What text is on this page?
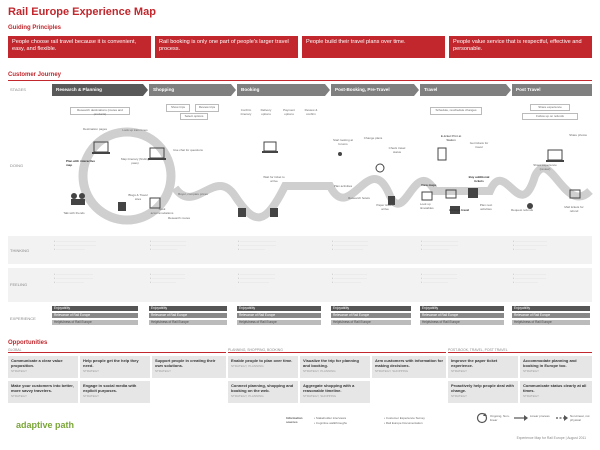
Rail Europe Experience Map
Guiding Principles
People choose rail travel because it is convenient, easy, and flexible.
Rail booking is only one part of people's larger travel process.
People build their travel plans over time.	People value service that is respectful, effective and personable.
Customer Journey
STAGES	Research & Planning	Shopping	Booking	Post-Booking, Pre-Travel	Travel	Post Travel
Research destinations (routes and products)
Show trips	Review trips
Select options
Schedule, reschedule changes
Share experience
Follow up on refunds
DOING
Destination pages
Plan with interactive map
Look up train times
Map itinerary (finding pass)
Use chat for questions
Talk with friends
Blogs & Travel sites
Book accommodations
Buyer, compare prices
Research routes
Confirm itinerary
Delivery options
Payment options
Review & confirm
Wait for ticket to arrive
Start looking at forums
Change plans
Check travel status
Plan activities
Research hotels
Paper tickets arrive
E-ticket Print at Station
Get tickets for travel
View maps
Buy additional tickets
Arrange travel
Look up timetables
Plan next activities
Share photos
Share experience (review)
Request refunds
Mail tickets for refund
THINKING
• ········································
• ········································
• ·····························
• ··································
• ··································
• ·························
• ····································
• ····································
• ·························
• ··································
• ··································
• ·····························
• ···································
• ···································
• ··························
• ································
• ································
• ·····················
FEELING
• ·····································
• ·····································
• ····························
• ·································
• ·································
• ························
• ···································
• ···································
• ·····························
• ·································
• ·································
• ···························
• ··································
• ··································
• ·························
• ·······························
• ·······························
• ·······················
EXPERIENCE
Enjoyability
Relevance of Rail Europe
Helpfulness of Rail Europe
Enjoyability
Relevance of Rail Europe
Helpfulness of Rail Europe
Enjoyability
Relevance of Rail Europe
Helpfulness of Rail Europe
Enjoyability
Relevance of Rail Europe
Helpfulness of Rail Europe
Enjoyability
Relevance of Rail Europe
Helpfulness of Rail Europe
Enjoyability
Relevance of Rail Europe
Helpfulness of Rail Europe
Opportunities
GLOBAL	PLANNING, SHOPPING, BOOKING	POST-BOOK, TRAVEL, POST TRAVEL
Communicate a clear value proposition.
STRATEGY
Help people get the help they need.
STRATEGY
Support people in creating their own solutions.
STRATEGY
Enable people to plan over time.
STRATEGY, PLANNING
Visualize the trip for planning and booking.
STRATEGY, PLANNING
Arm customers with information for making decisions.
STRATEGY, SHOPPING
Improve the paper ticket experience.
STRATEGY
Accommodate planning and booking in Europe too.
STRATEGY
Make your customers into better, more savvy travelers.
STRATEGY
Engage in social media with explicit purposes.
STRATEGY
Connect planning, shopping and booking on the web.
STRATEGY, PLANNING
Aggregate shopping with a reasonable timeline.
STRATEGY, SHOPPING
Proactively help people deal with change.
STRATEGY
Communicate status clearly at all times.
STRATEGY
Information sources
• Stakeholder interviews
• Cognitive walkthroughs
• Customer Experience Survey
• Rail Europe Documentation
Ongoing, Non-linear
Linear process	Non-linear, not physical
adaptive path
Experience Map for Rail Europe | August 2011
